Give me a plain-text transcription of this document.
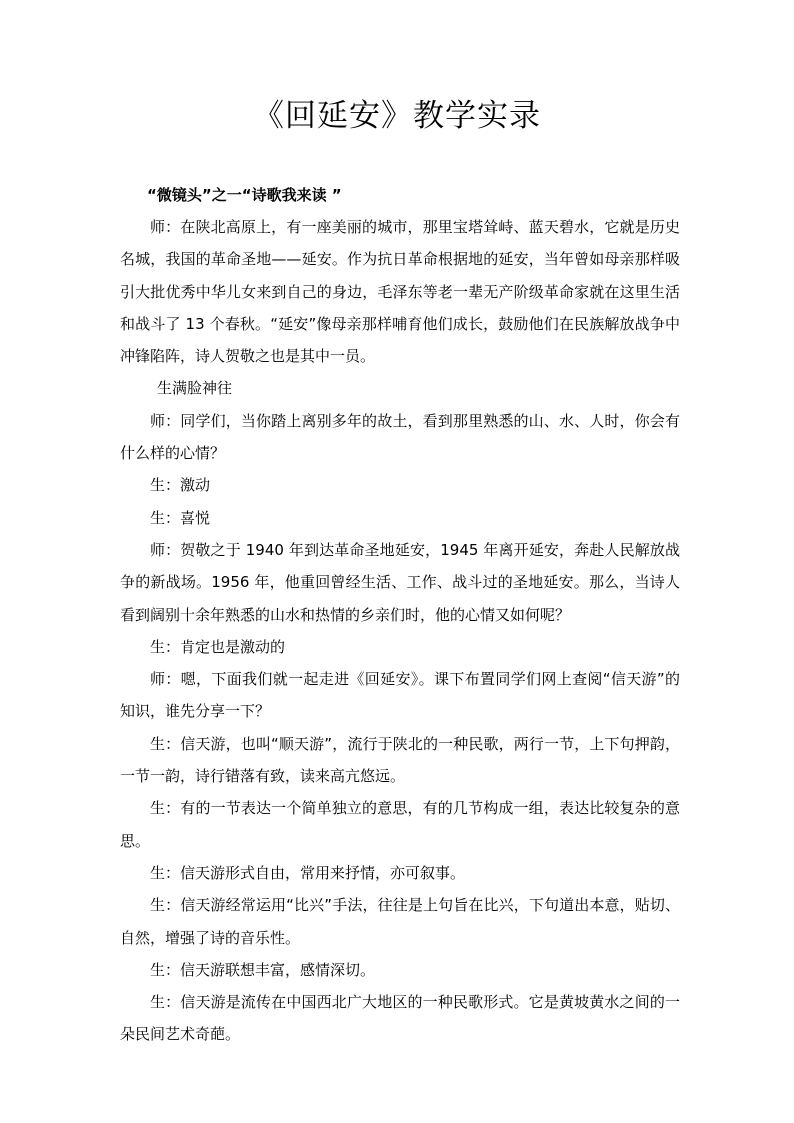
《回延安》教学实录

“微镜头”之一“诗歌我来读 ”

师：在陕北高原上，有一座美丽的城市，那里宝塔耸峙、蓝天碧水，它就是历史名城，我国的革命圣地——延安。作为抗日革命根据地的延安，当年曾如母亲那样吸引大批优秀中华儿女来到自己的身边，毛泽东等老一辈无产阶级革命家就在这里生活和战斗了 13 个春秋。“延安”像母亲那样哺育他们成长，鼓励他们在民族解放战争中冲锋陷阵，诗人贺敬之也是其中一员。

生满脸神往

师：同学们，当你踏上离别多年的故土，看到那里熟悉的山、水、人时，你会有什么样的心情？

生：激动

生：喜悦

师：贺敬之于 1940 年到达革命圣地延安，1945 年离开延安，奔赴人民解放战争的新战场。1956 年，他重回曾经生活、工作、战斗过的圣地延安。那么，当诗人看到阔别十余年熟悉的山水和热情的乡亲们时，他的心情又如何呢？

生：肯定也是激动的

师：嗯，下面我们就一起走进《回延安》。课下布置同学们网上查阅“信天游”的知识，谁先分享一下？

生：信天游，也叫“顺天游”，流行于陕北的一种民歌，两行一节，上下句押韵，一节一韵，诗行错落有致，读来高亢悠远。

生：有的一节表达一个简单独立的意思，有的几节构成一组，表达比较复杂的意思。

生：信天游形式自由，常用来抒情，亦可叙事。

生：信天游经常运用“比兴”手法，往往是上句旨在比兴，下句道出本意，贴切、自然，增强了诗的音乐性。

生：信天游联想丰富，感情深切。

生：信天游是流传在中国西北广大地区的一种民歌形式。它是黄坡黄水之间的一朵民间艺术奇葩。
